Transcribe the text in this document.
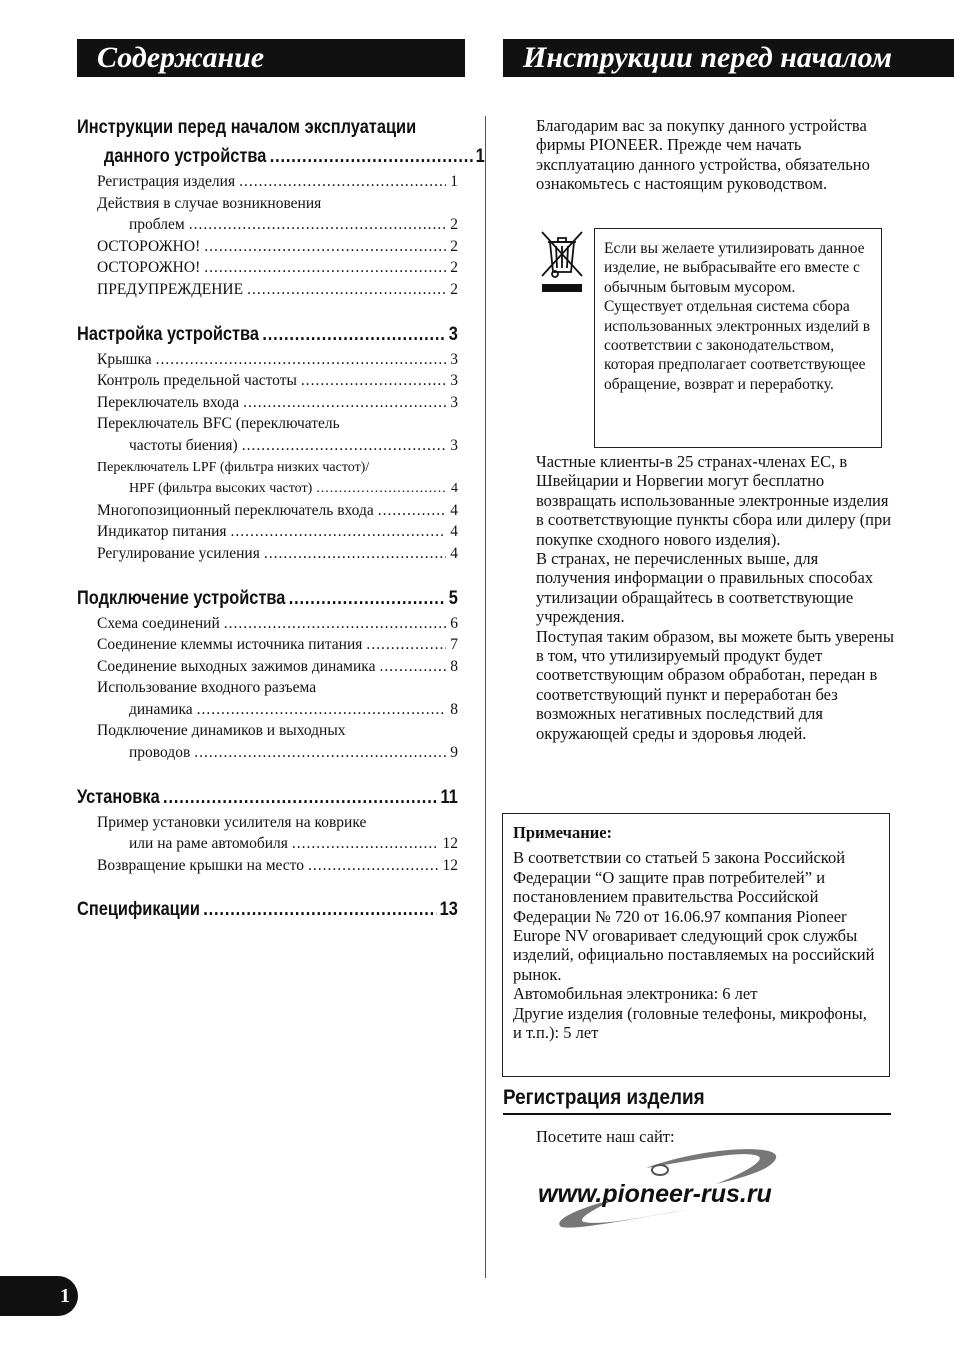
Содержание	Инструкции перед началом
Инструкции перед началом эксплуатации
данного устройства .....	1
Регистрация изделия .....	1
Действия в случае возникновения
проблем .....	2
ОСТОРОЖНО! .....	2
ОСТОРОЖНО! .....	2
ПРЕДУПРЕЖДЕНИЕ .....	2
Настройка устройства .....	3
Крышка .....	3
Контроль предельной частоты .....	3
Переключатель входа .....	3
Переключатель BFC (переключатель
частоты биения) .....	3
Переключатель LPF (фильтра низких частот)/
HPF (фильтра высоких частот) .....	4
Многопозиционный переключатель входа .....	4
Индикатор питания .....	4
Регулирование усиления .....	4
Подключение устройства .....	5
Схема соединений .....	6
Соединение клеммы источника питания .....	7
Соединение выходных зажимов динамика .....	8
Использование входного разъема
динамика .....	8
Подключение динамиков и выходных
проводов .....	9
Установка .....	11
Пример установки усилителя на коврике
или на раме автомобиля .....	12
Возвращение крышки на место .....	12
Спецификации .....	13
Благодарим вас за покупку данного устройства фирмы PIONEER. Прежде чем начать эксплуатацию данного устройства, обязательно ознакомьтесь с настоящим руководством.
Если вы желаете утилизировать данное изделие, не выбрасывайте его вместе с обычным бытовым мусором. Существует отдельная система сбора использованных электронных изделий в соответствии с законодательством, которая предполагает соответствующее обращение, возврат и переработку.
Частные клиенты-в 25 странах-членах ЕС, в Швейцарии и Норвегии могут бесплатно возвращать использованные электронные изделия в соответствующие пункты сбора или дилеру (при покупке сходного нового изделия).
В странах, не перечисленных выше, для получения информации о правильных способах утилизации обращайтесь в соответствующие учреждения.
Поступая таким образом, вы можете быть уверены в том, что утилизируемый продукт будет соответствующим образом обработан, передан в соответствующий пункт и переработан без возможных негативных последствий для окружающей среды и здоровья людей.
Примечание:
В соответствии со статьей 5 закона Российской Федерации “О защите прав потребителей” и постановлением правительства Российской Федерации № 720 от 16.06.97 компания Pioneer Europe NV оговаривает следующий срок службы изделий, официально поставляемых на российский рынок.
Автомобильная электроника: 6 лет
Другие изделия (головные телефоны, микрофоны, и т.п.): 5 лет
Регистрация изделия
Посетите наш сайт:
www.pioneer-rus.ru
1
